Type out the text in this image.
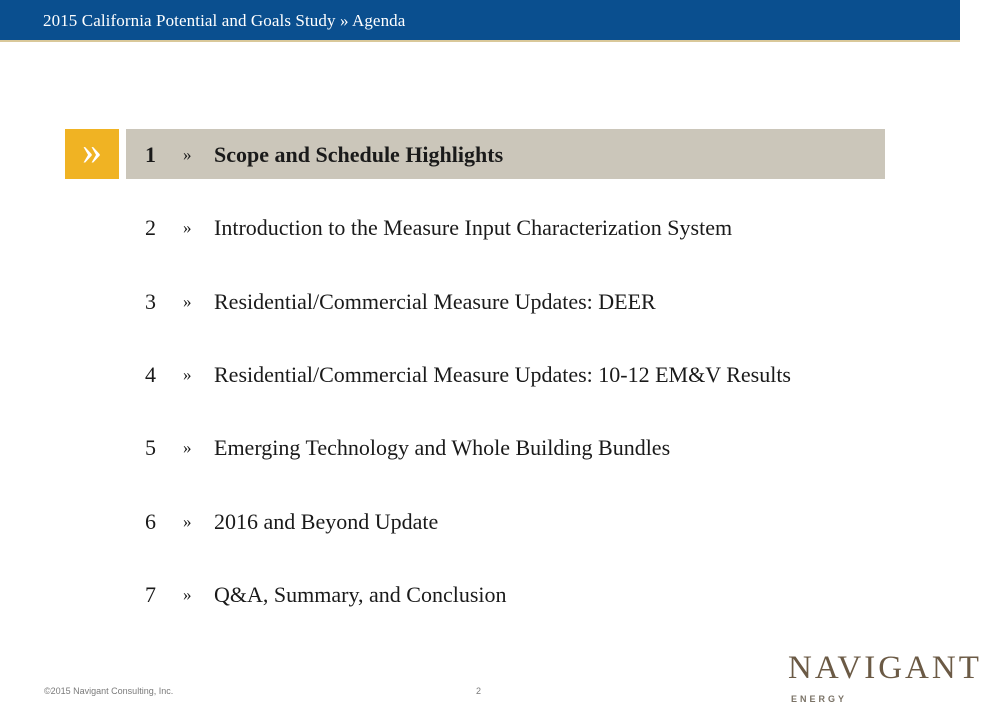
2015 California Potential and Goals Study » Agenda
»	1	» Scope and Schedule Highlights
2	» Introduction to the Measure Input Characterization System
3	» Residential/Commercial Measure Updates: DEER
4	» Residential/Commercial Measure Updates: 10-12 EM&V Results
5	» Emerging Technology and Whole Building Bundles
6	» 2016 and Beyond Update
7	» Q&A, Summary, and Conclusion
©2015 Navigant Consulting, Inc.	2
NAVIGANT
ENERGY
